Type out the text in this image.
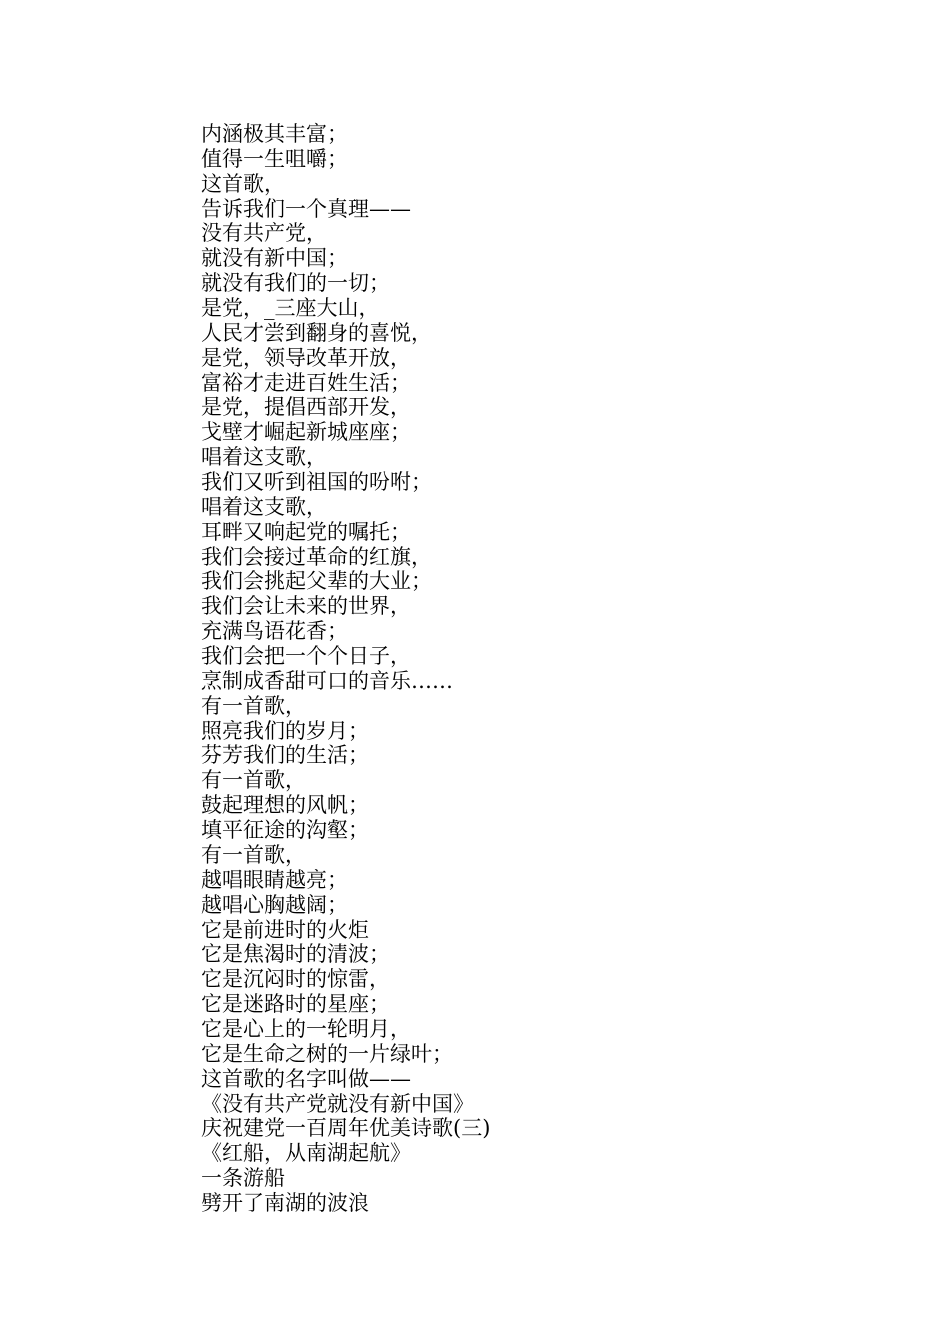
内涵极其丰富；
值得一生咀嚼；
这首歌，
告诉我们一个真理——
没有共产党，
就没有新中国；
就没有我们的一切；
是党，_三座大山，
人民才尝到翻身的喜悦，
是党，领导改革开放，
富裕才走进百姓生活；
是党，提倡西部开发，
戈壁才崛起新城座座；
唱着这支歌，
我们又听到祖国的吩咐；
唱着这支歌，
耳畔又响起党的嘱托；
我们会接过革命的红旗，
我们会挑起父辈的大业；
我们会让未来的世界，
充满鸟语花香；
我们会把一个个日子，
烹制成香甜可口的音乐……
有一首歌，
照亮我们的岁月；
芬芳我们的生活；
有一首歌，
鼓起理想的风帆；
填平征途的沟壑；
有一首歌，
越唱眼睛越亮；
越唱心胸越阔；
它是前进时的火炬
它是焦渴时的清波；
它是沉闷时的惊雷，
它是迷路时的星座；
它是心上的一轮明月，
它是生命之树的一片绿叶；
这首歌的名字叫做——
《没有共产党就没有新中国》
庆祝建党一百周年优美诗歌(三)
《红船，从南湖起航》
一条游船
劈开了南湖的波浪
